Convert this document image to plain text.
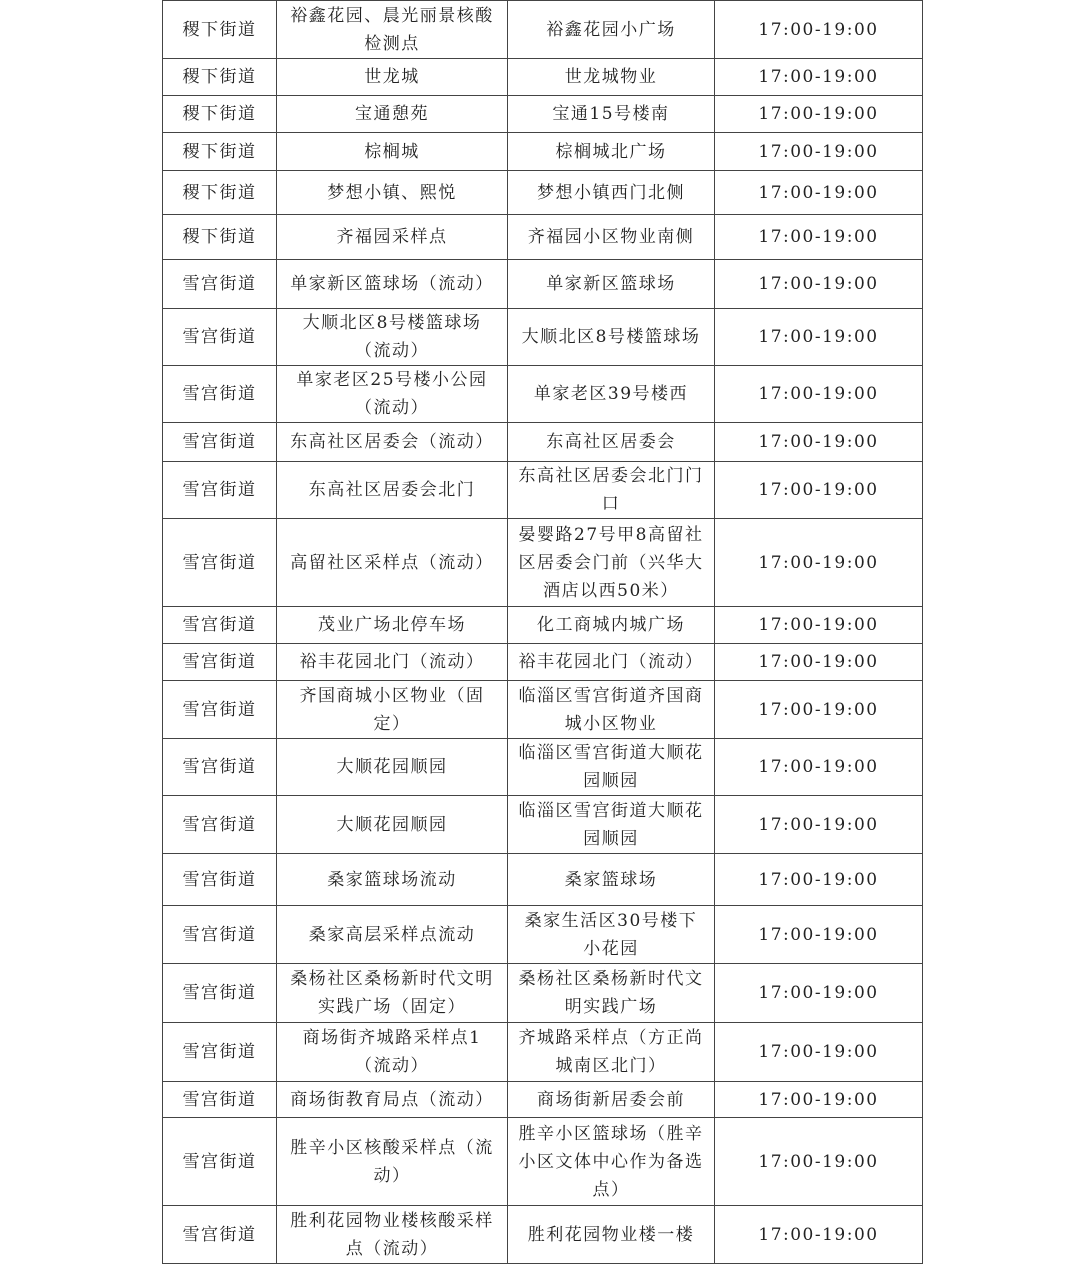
稷下街道	裕鑫花园、晨光丽景核酸检测点	裕鑫花园小广场	17:00-19:00
稷下街道	世龙城	世龙城物业	17:00-19:00
稷下街道	宝通憩苑	宝通15号楼南	17:00-19:00
稷下街道	棕榈城	棕榈城北广场	17:00-19:00
稷下街道	梦想小镇、熙悦	梦想小镇西门北侧	17:00-19:00
稷下街道	齐福园采样点	齐福园小区物业南侧	17:00-19:00
雪宫街道	单家新区篮球场（流动）	单家新区篮球场	17:00-19:00
雪宫街道	大顺北区8号楼篮球场（流动）	大顺北区8号楼篮球场	17:00-19:00
雪宫街道	单家老区25号楼小公园（流动）	单家老区39号楼西	17:00-19:00
雪宫街道	东高社区居委会（流动）	东高社区居委会	17:00-19:00
雪宫街道	东高社区居委会北门	东高社区居委会北门门口	17:00-19:00
雪宫街道	高留社区采样点（流动）	晏婴路27号甲8高留社区居委会门前（兴华大酒店以西50米）	17:00-19:00
雪宫街道	茂业广场北停车场	化工商城内城广场	17:00-19:00
雪宫街道	裕丰花园北门（流动）	裕丰花园北门（流动）	17:00-19:00
雪宫街道	齐国商城小区物业（固定）	临淄区雪宫街道齐国商城小区物业	17:00-19:00
雪宫街道	大顺花园顺园	临淄区雪宫街道大顺花园顺园	17:00-19:00
雪宫街道	大顺花园顺园	临淄区雪宫街道大顺花园顺园	17:00-19:00
雪宫街道	桑家篮球场流动	桑家篮球场	17:00-19:00
雪宫街道	桑家高层采样点流动	桑家生活区30号楼下小花园	17:00-19:00
雪宫街道	桑杨社区桑杨新时代文明实践广场（固定）	桑杨社区桑杨新时代文明实践广场	17:00-19:00
雪宫街道	商场街齐城路采样点1（流动）	齐城路采样点（方正尚城南区北门）	17:00-19:00
雪宫街道	商场街教育局点（流动）	商场街新居委会前	17:00-19:00
雪宫街道	胜辛小区核酸采样点（流动）	胜辛小区篮球场（胜辛小区文体中心作为备选点）	17:00-19:00
雪宫街道	胜利花园物业楼核酸采样点（流动）	胜利花园物业楼一楼	17:00-19:00
